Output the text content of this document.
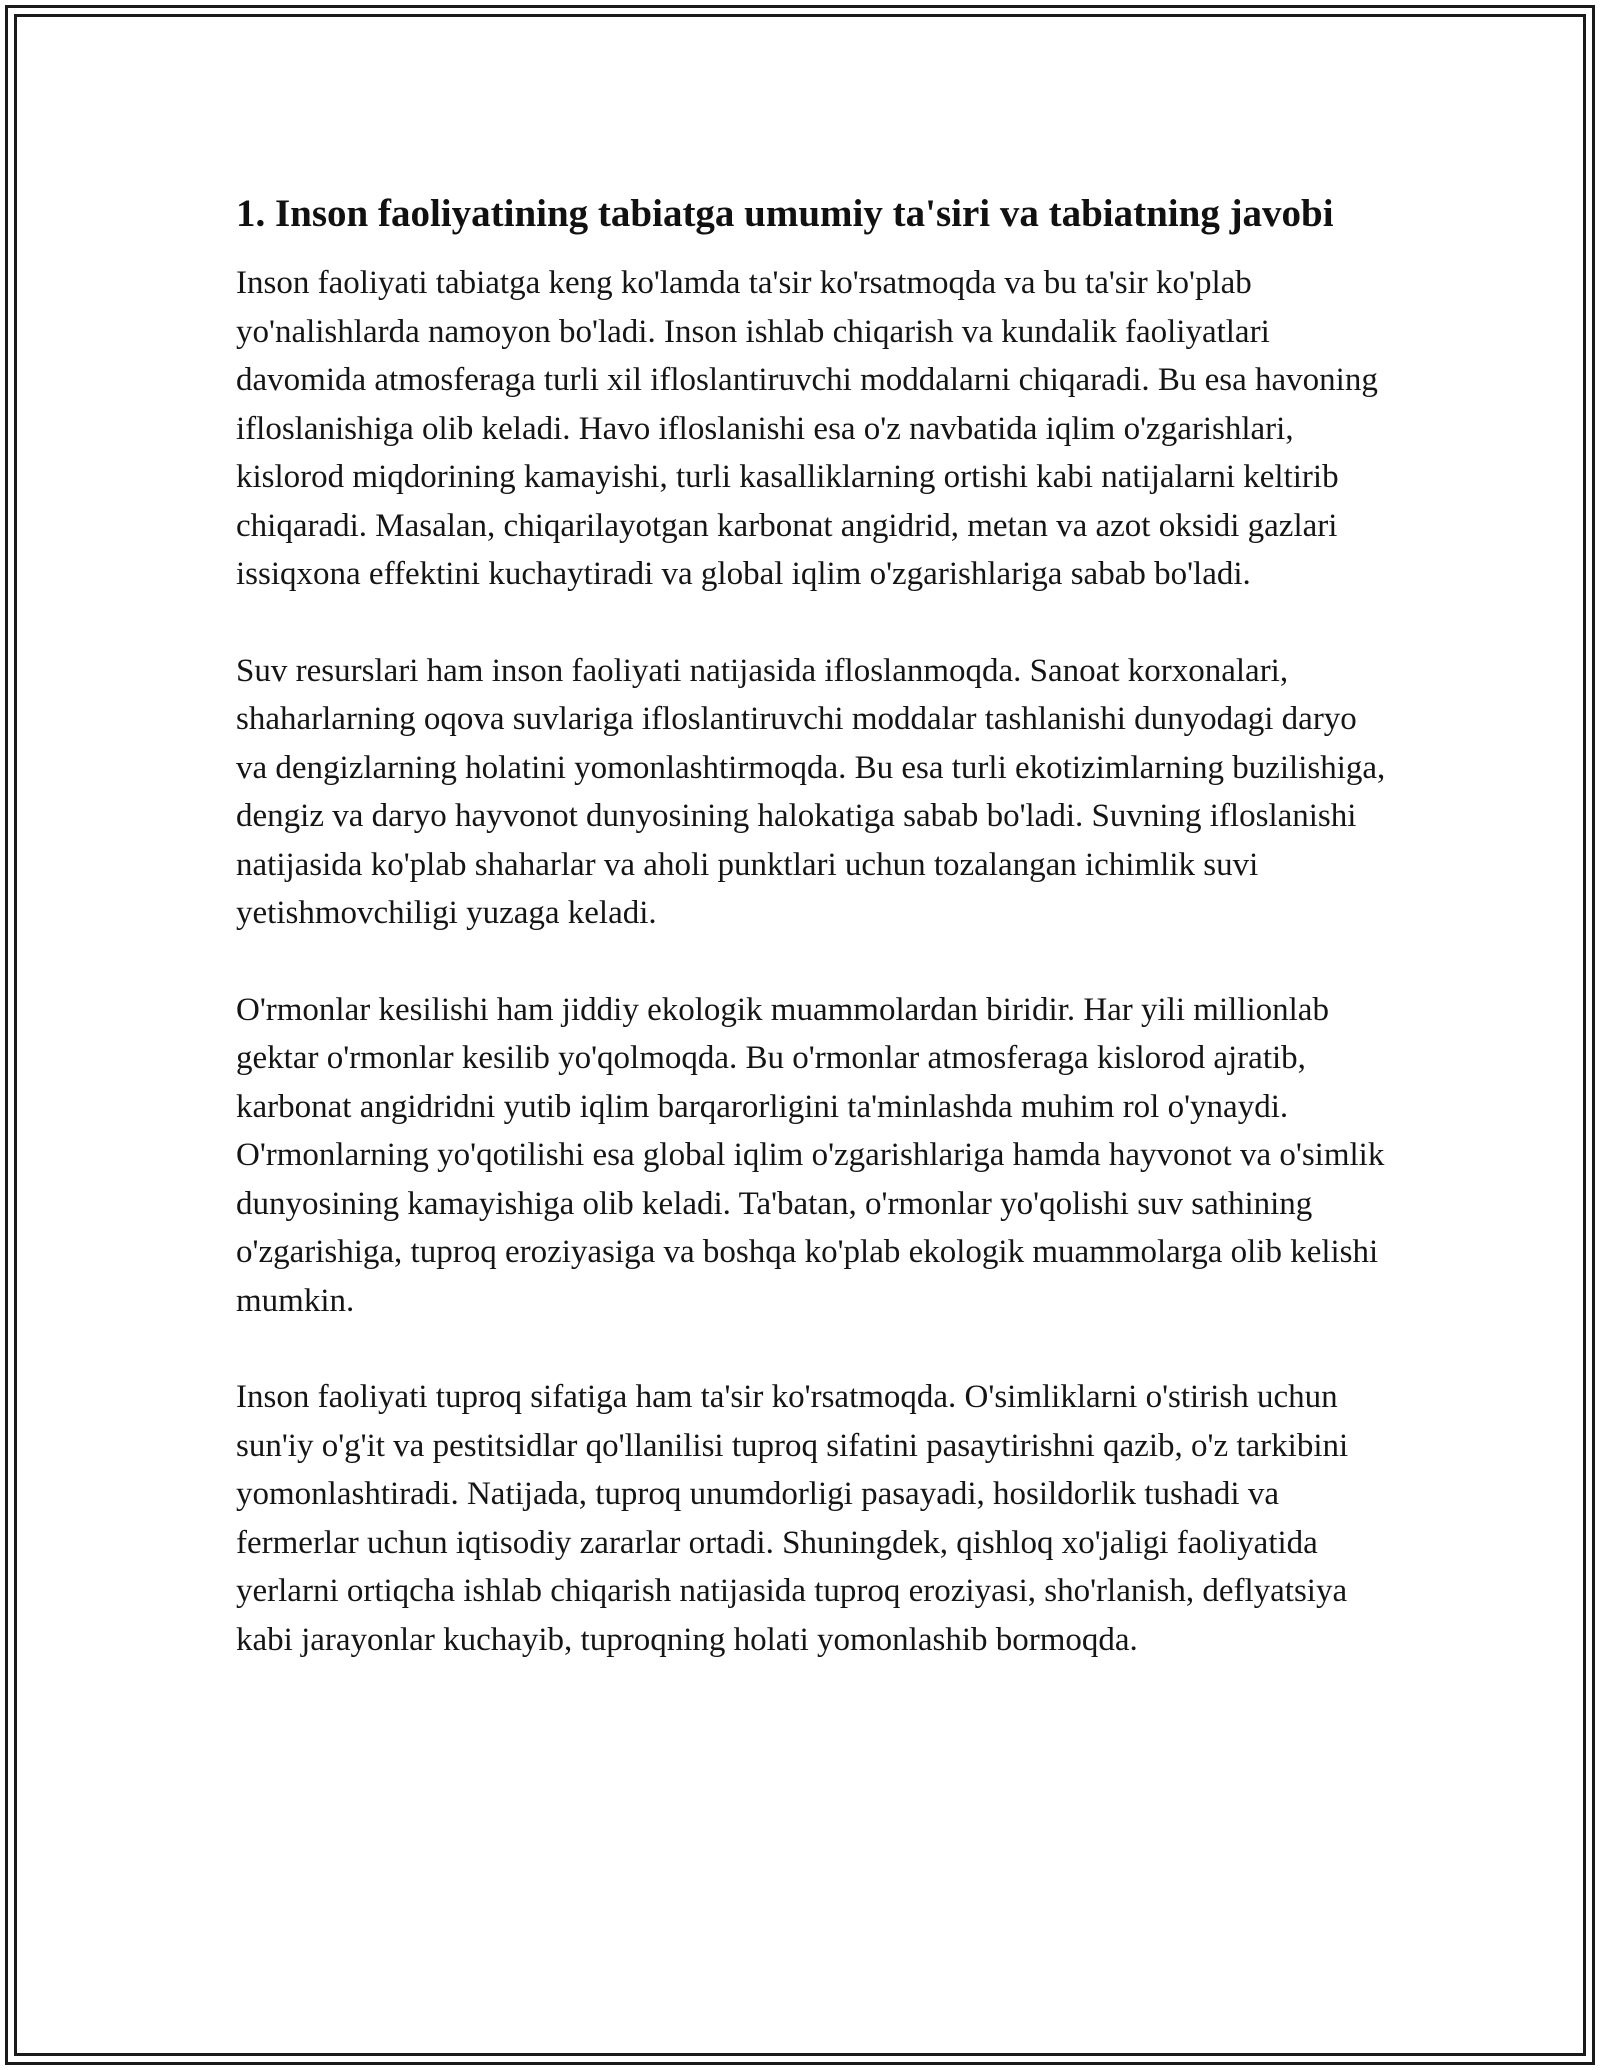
1. Inson faoliyatining tabiatga umumiy ta'siri va tabiatning javobi

Inson faoliyati tabiatga keng ko'lamda ta'sir ko'rsatmoqda va bu ta'sir ko'plab yo'nalishlarda namoyon bo'ladi. Inson ishlab chiqarish va kundalik faoliyatlari davomida atmosferaga turli xil ifloslantiruvchi moddalarni chiqaradi. Bu esa havoning ifloslanishiga olib keladi. Havo ifloslanishi esa o'z navbatida iqlim o'zgarishlari, kislorod miqdorining kamayishi, turli kasalliklarning ortishi kabi natijalarni keltirib chiqaradi. Masalan, chiqarilayotgan karbonat angidrid, metan va azot oksidi gazlari issiqxona effektini kuchaytiradi va global iqlim o'zgarishlariga sabab bo'ladi.

Suv resurslari ham inson faoliyati natijasida ifloslanmoqda. Sanoat korxonalari, shaharlarning oqova suvlariga ifloslantiruvchi moddalar tashlanishi dunyodagi daryo va dengizlarning holatini yomonlashtirmoqda. Bu esa turli ekotizimlarning buzilishiga, dengiz va daryo hayvonot dunyosining halokatiga sabab bo'ladi. Suvning ifloslanishi natijasida ko'plab shaharlar va aholi punktlari uchun tozalangan ichimlik suvi yetishmovchiligi yuzaga keladi.

O'rmonlar kesilishi ham jiddiy ekologik muammolardan biridir. Har yili millionlab gektar o'rmonlar kesilib yo'qolmoqda. Bu o'rmonlar atmosferaga kislorod ajratib, karbonat angidridni yutib iqlim barqarorligini ta'minlashda muhim rol o'ynaydi. O'rmonlarning yo'qotilishi esa global iqlim o'zgarishlariga hamda hayvonot va o'simlik dunyosining kamayishiga olib keladi. Ta'batan, o'rmonlar yo'qolishi suv sathining o'zgarishiga, tuproq eroziyasiga va boshqa ko'plab ekologik muammolarga olib kelishi mumkin.

Inson faoliyati tuproq sifatiga ham ta'sir ko'rsatmoqda. O'simliklarni o'stirish uchun sun'iy o'g'it va pestitsidlar qo'llanilisi tuproq sifatini pasaytirishni qazib, o'z tarkibini yomonlashtiradi. Natijada, tuproq unumdorligi pasayadi, hosildorlik tushadi va fermerlar uchun iqtisodiy zararlar ortadi. Shuningdek, qishloq xo'jaligi faoliyatida yerlarni ortiqcha ishlab chiqarish natijasida tuproq eroziyasi, sho'rlanish, deflyatsiya kabi jarayonlar kuchayib, tuproqning holati yomonlashib bormoqda.
